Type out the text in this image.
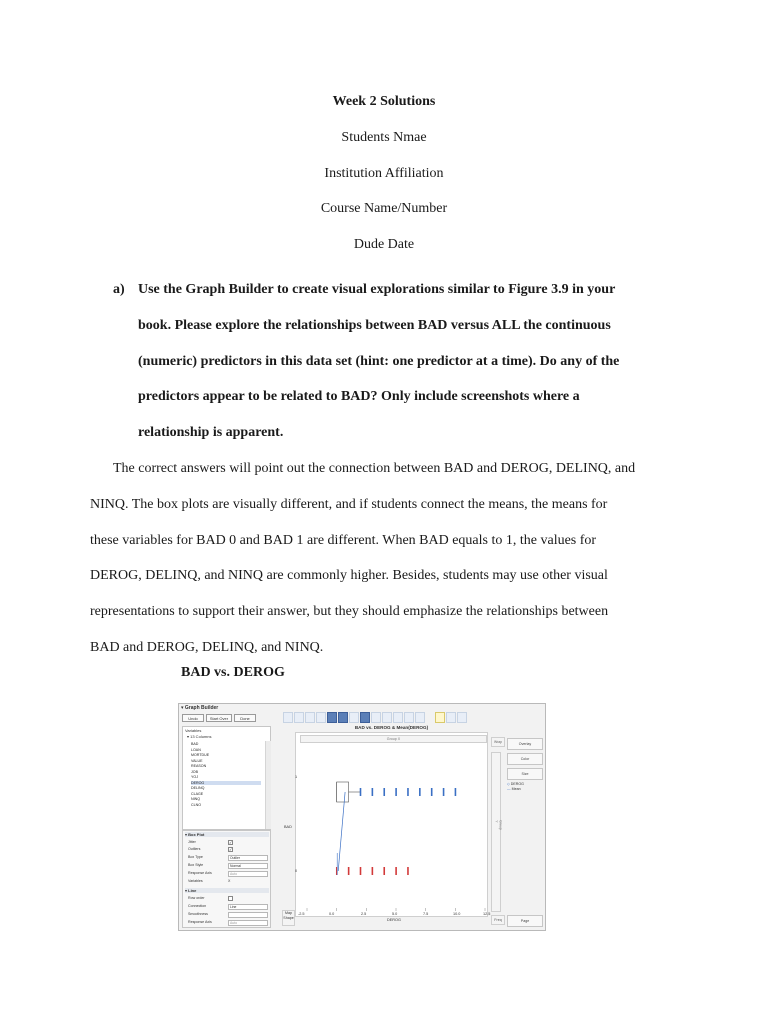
Week 2 Solutions
Students Nmae
Institution Affiliation
Course Name/Number
Dude Date
a) Use the Graph Builder to create visual explorations similar to Figure 3.9 in your
book. Please explore the relationships between BAD versus ALL the continuous
(numeric) predictors in this data set (hint: one predictor at a time). Do any of the
predictors appear to be related to BAD? Only include screenshots where a
relationship is apparent.
The correct answers will point out the connection between BAD and DEROG, DELINQ, and
NINQ. The box plots are visually different, and if students connect the means, the means for
these variables for BAD 0 and BAD 1 are different. When BAD equals to 1, the values for
DEROG, DELINQ, and NINQ are commonly higher. Besides, students may use other visual
representations to support their answer, but they should emphasize the relationships between
BAD and DEROG, DELINQ, and NINQ.
BAD vs. DEROG
▾ Graph Builder
Undo	Start Over	Done
Variables
▾ 13 Columns
BAD
LOAN
MORTDUE
VALUE
REASON
JOB
YOJ
DEROG
DELINQ
CLAGE
NINQ
CLNO
▾ Box Plot
Jitter	✓
Outliers	✓
Box Type	Outlier
Box Style	Normal
Response Axis	Auto
Variables	X
▾ Line
Row order
Connection	Line
Smoothness
Response Axis	Auto
BAD vs. DEROG & Mean(DEROG)
Group X
Wrap
Group Y
Overlay
Color
Size
◇ DEROG
— Mean
Page
Freq
Map Shape
BAD
1
0
-2.5	0.0	2.5	5.0	7.5	10.0	12.5
DEROG
